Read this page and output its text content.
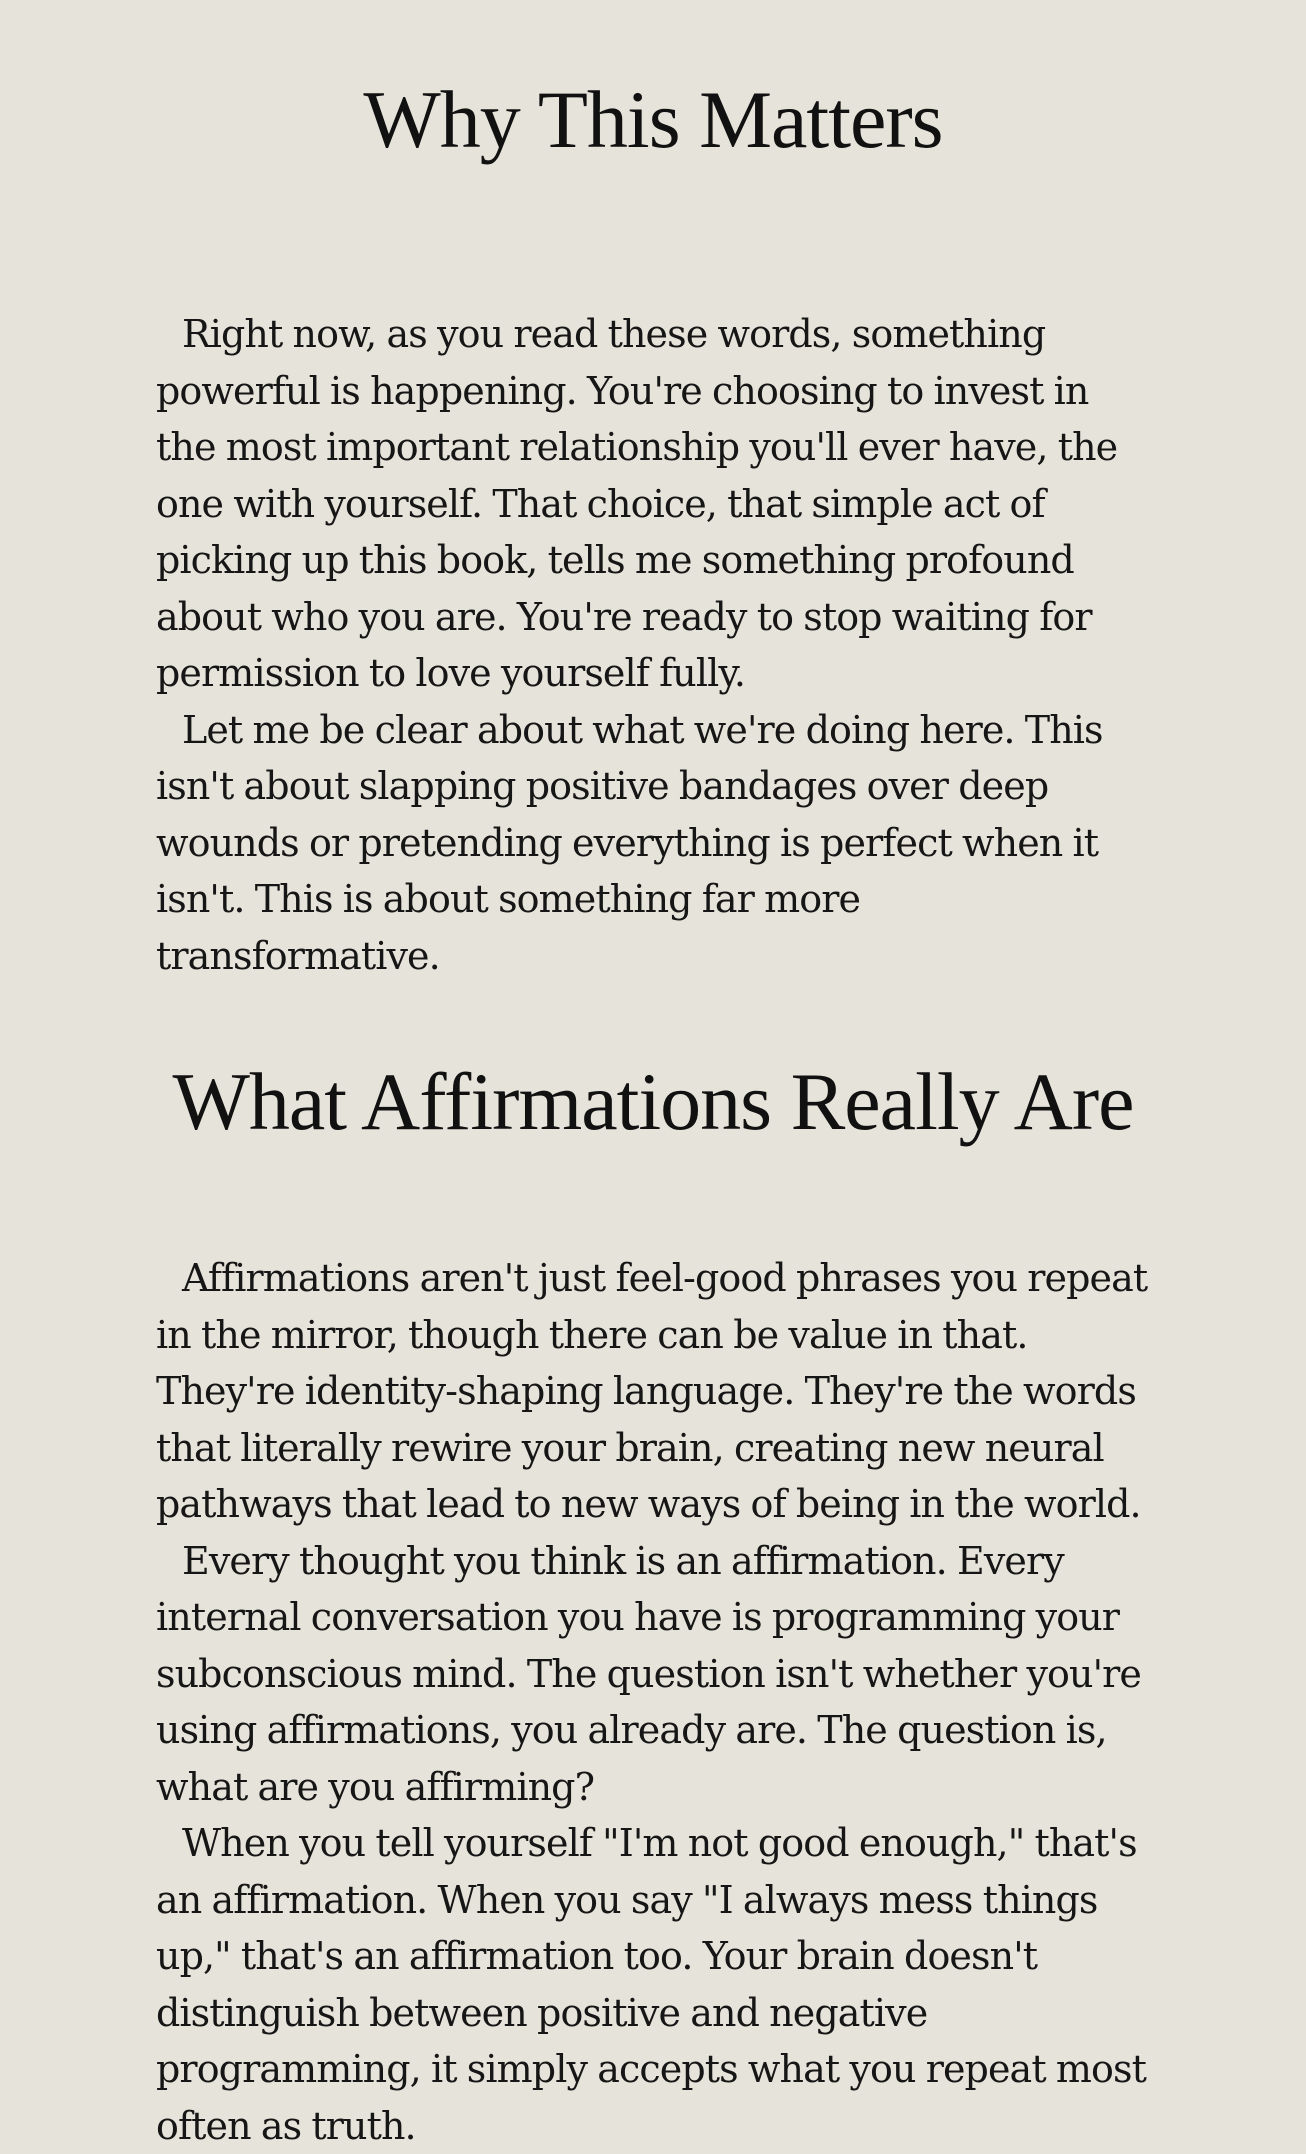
Why This Matters

Right now, as you read these words, something powerful is happening. You're choosing to invest in the most important relationship you'll ever have, the one with yourself. That choice, that simple act of picking up this book, tells me something profound about who you are. You're ready to stop waiting for permission to love yourself fully.

Let me be clear about what we're doing here. This isn't about slapping positive bandages over deep wounds or pretending everything is perfect when it isn't. This is about something far more transformative.

What Affirmations Really Are

Affirmations aren't just feel-good phrases you repeat in the mirror, though there can be value in that. They're identity-shaping language. They're the words that literally rewire your brain, creating new neural pathways that lead to new ways of being in the world.

Every thought you think is an affirmation. Every internal conversation you have is programming your subconscious mind. The question isn't whether you're using affirmations, you already are. The question is, what are you affirming?

When you tell yourself "I'm not good enough," that's an affirmation. When you say "I always mess things up," that's an affirmation too. Your brain doesn't distinguish between positive and negative programming, it simply accepts what you repeat most often as truth.
